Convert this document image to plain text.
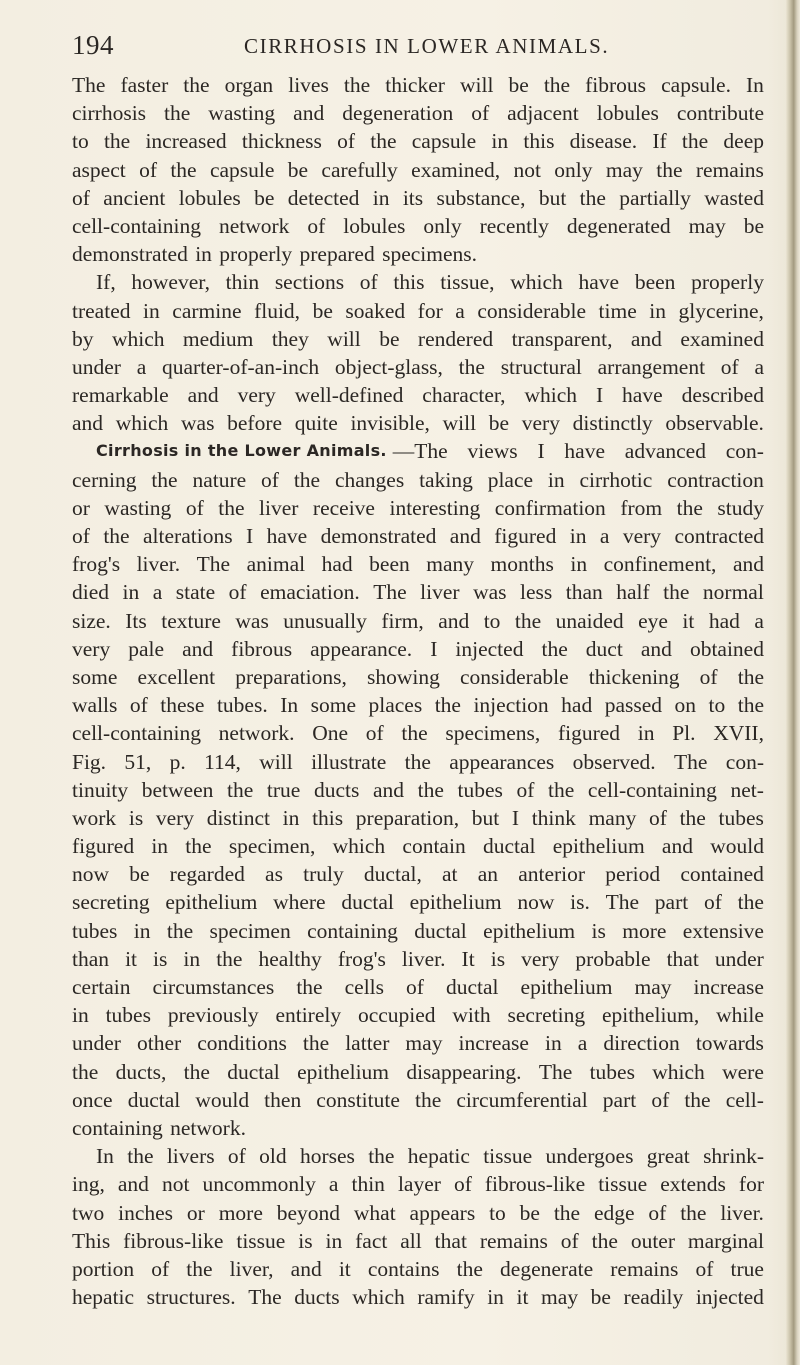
194	CIRRHOSIS IN LOWER ANIMALS.
The faster the organ lives the thicker will be the fibrous capsule. In
cirrhosis the wasting and degeneration of adjacent lobules contribute
to the increased thickness of the capsule in this disease. If the deep
aspect of the capsule be carefully examined, not only may the remains
of ancient lobules be detected in its substance, but the partially wasted
cell-containing network of lobules only recently degenerated may be
demonstrated in properly prepared specimens.
If, however, thin sections of this tissue, which have been properly
treated in carmine fluid, be soaked for a considerable time in glycerine,
by which medium they will be rendered transparent, and examined
under a quarter-of-an-inch object-glass, the structural arrangement of a
remarkable and very well-defined character, which I have described
and which was before quite invisible, will be very distinctly observable.
Cirrhosis in the Lower Animals. —The views I have advanced con-
cerning the nature of the changes taking place in cirrhotic contraction
or wasting of the liver receive interesting confirmation from the study
of the alterations I have demonstrated and figured in a very contracted
frog's liver. The animal had been many months in confinement, and
died in a state of emaciation. The liver was less than half the normal
size. Its texture was unusually firm, and to the unaided eye it had a
very pale and fibrous appearance. I injected the duct and obtained
some excellent preparations, showing considerable thickening of the
walls of these tubes. In some places the injection had passed on to the
cell-containing network. One of the specimens, figured in Pl. XVII,
Fig. 51, p. 114, will illustrate the appearances observed. The con-
tinuity between the true ducts and the tubes of the cell-containing net-
work is very distinct in this preparation, but I think many of the tubes
figured in the specimen, which contain ductal epithelium and would
now be regarded as truly ductal, at an anterior period contained
secreting epithelium where ductal epithelium now is. The part of the
tubes in the specimen containing ductal epithelium is more extensive
than it is in the healthy frog's liver. It is very probable that under
certain circumstances the cells of ductal epithelium may increase
in tubes previously entirely occupied with secreting epithelium, while
under other conditions the latter may increase in a direction towards
the ducts, the ductal epithelium disappearing. The tubes which were
once ductal would then constitute the circumferential part of the cell-
containing network.
In the livers of old horses the hepatic tissue undergoes great shrink-
ing, and not uncommonly a thin layer of fibrous-like tissue extends for
two inches or more beyond what appears to be the edge of the liver.
This fibrous-like tissue is in fact all that remains of the outer marginal
portion of the liver, and it contains the degenerate remains of true
hepatic structures. The ducts which ramify in it may be readily injected
